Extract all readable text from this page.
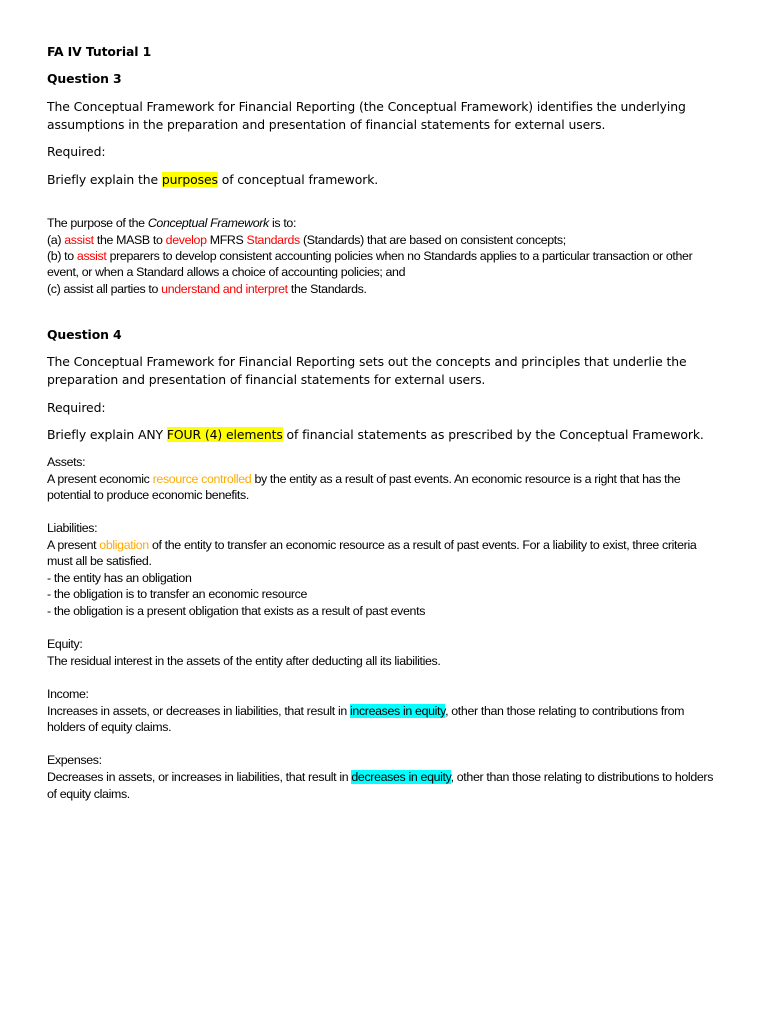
FA IV Tutorial 1

Question 3

The Conceptual Framework for Financial Reporting (the Conceptual Framework) identifies the underlying

assumptions in the preparation and presentation of financial statements for external users.

Required:

Briefly explain the purposes of conceptual framework.

The purpose of the Conceptual Framework is to:

(a) assist the MASB to develop MFRS Standards (Standards) that are based on consistent concepts;

(b) to assist preparers to develop consistent accounting policies when no Standards applies to a particular transaction or other

event, or when a Standard allows a choice of accounting policies; and

(c) assist all parties to understand and interpret the Standards.

Question 4

The Conceptual Framework for Financial Reporting sets out the concepts and principles that underlie the

preparation and presentation of financial statements for external users.

Required:

Briefly explain ANY FOUR (4) elements of financial statements as prescribed by the Conceptual Framework.

Assets:

A present economic resource controlled by the entity as a result of past events. An economic resource is a right that has the

potential to produce economic benefits.

Liabilities:

A present obligation of the entity to transfer an economic resource as a result of past events. For a liability to exist, three criteria

must all be satisfied.

- the entity has an obligation

- the obligation is to transfer an economic resource

- the obligation is a present obligation that exists as a result of past events

Equity:

The residual interest in the assets of the entity after deducting all its liabilities.

Income:

Increases in assets, or decreases in liabilities, that result in increases in equity, other than those relating to contributions from

holders of equity claims.

Expenses:

Decreases in assets, or increases in liabilities, that result in decreases in equity, other than those relating to distributions to holders

of equity claims.
